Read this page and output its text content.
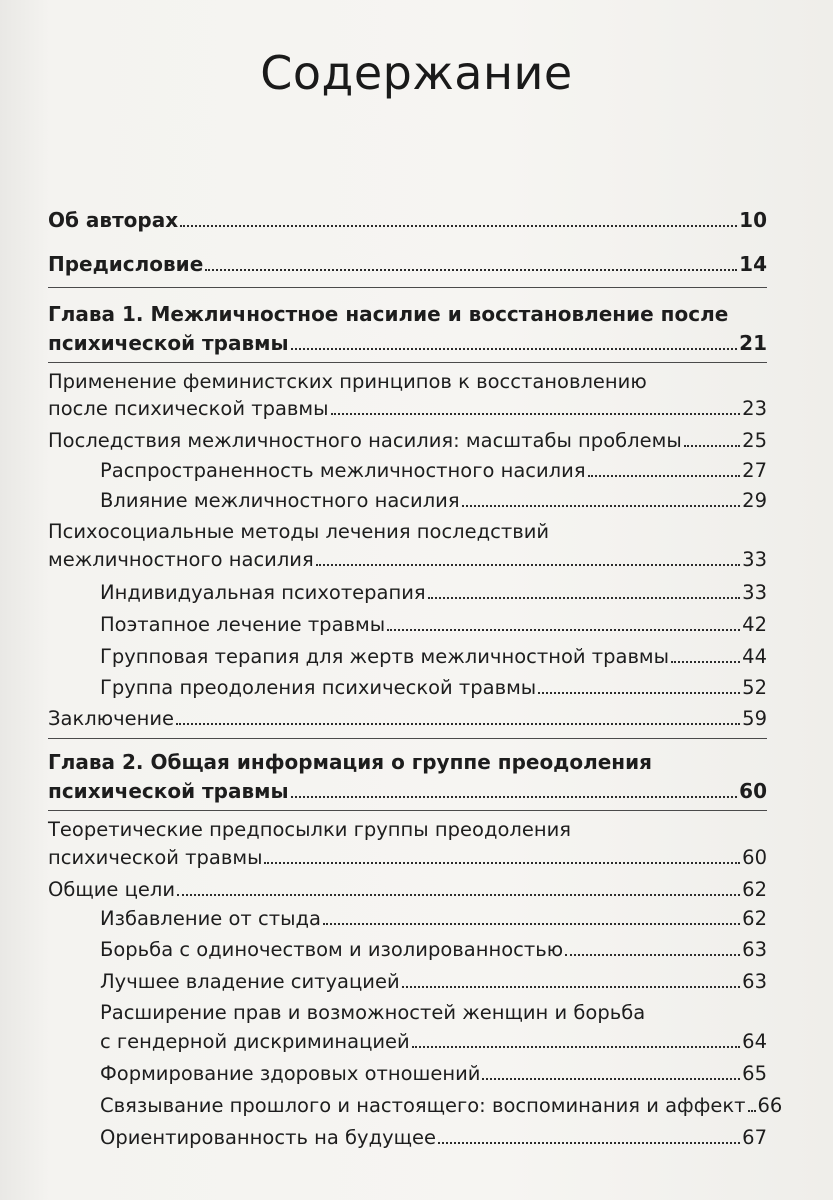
Содержание
Об авторах	10
Предисловие	14
Глава 1. Межличностное насилие и восстановление после
психической травмы	21
Применение феминистских принципов к восстановлению
после психической травмы	23
Последствия межличностного насилия: масштабы проблемы	25
Распространенность межличностного насилия	27
Влияние межличностного насилия	29
Психосоциальные методы лечения последствий
межличностного насилия	33
Индивидуальная психотерапия	33
Поэтапное лечение травмы	42
Групповая терапия для жертв межличностной травмы	44
Группа преодоления психической травмы	52
Заключение	59
Глава 2. Общая информация о группе преодоления
психической травмы	60
Теоретические предпосылки группы преодоления
психической травмы	60
Общие цели	62
Избавление от стыда	62
Борьба с одиночеством и изолированностью	63
Лучшее владение ситуацией	63
Расширение прав и возможностей женщин и борьба
с гендерной дискриминацией	64
Формирование здоровых отношений	65
Связывание прошлого и настоящего: воспоминания и аффект 66
Ориентированность на будущее	67
